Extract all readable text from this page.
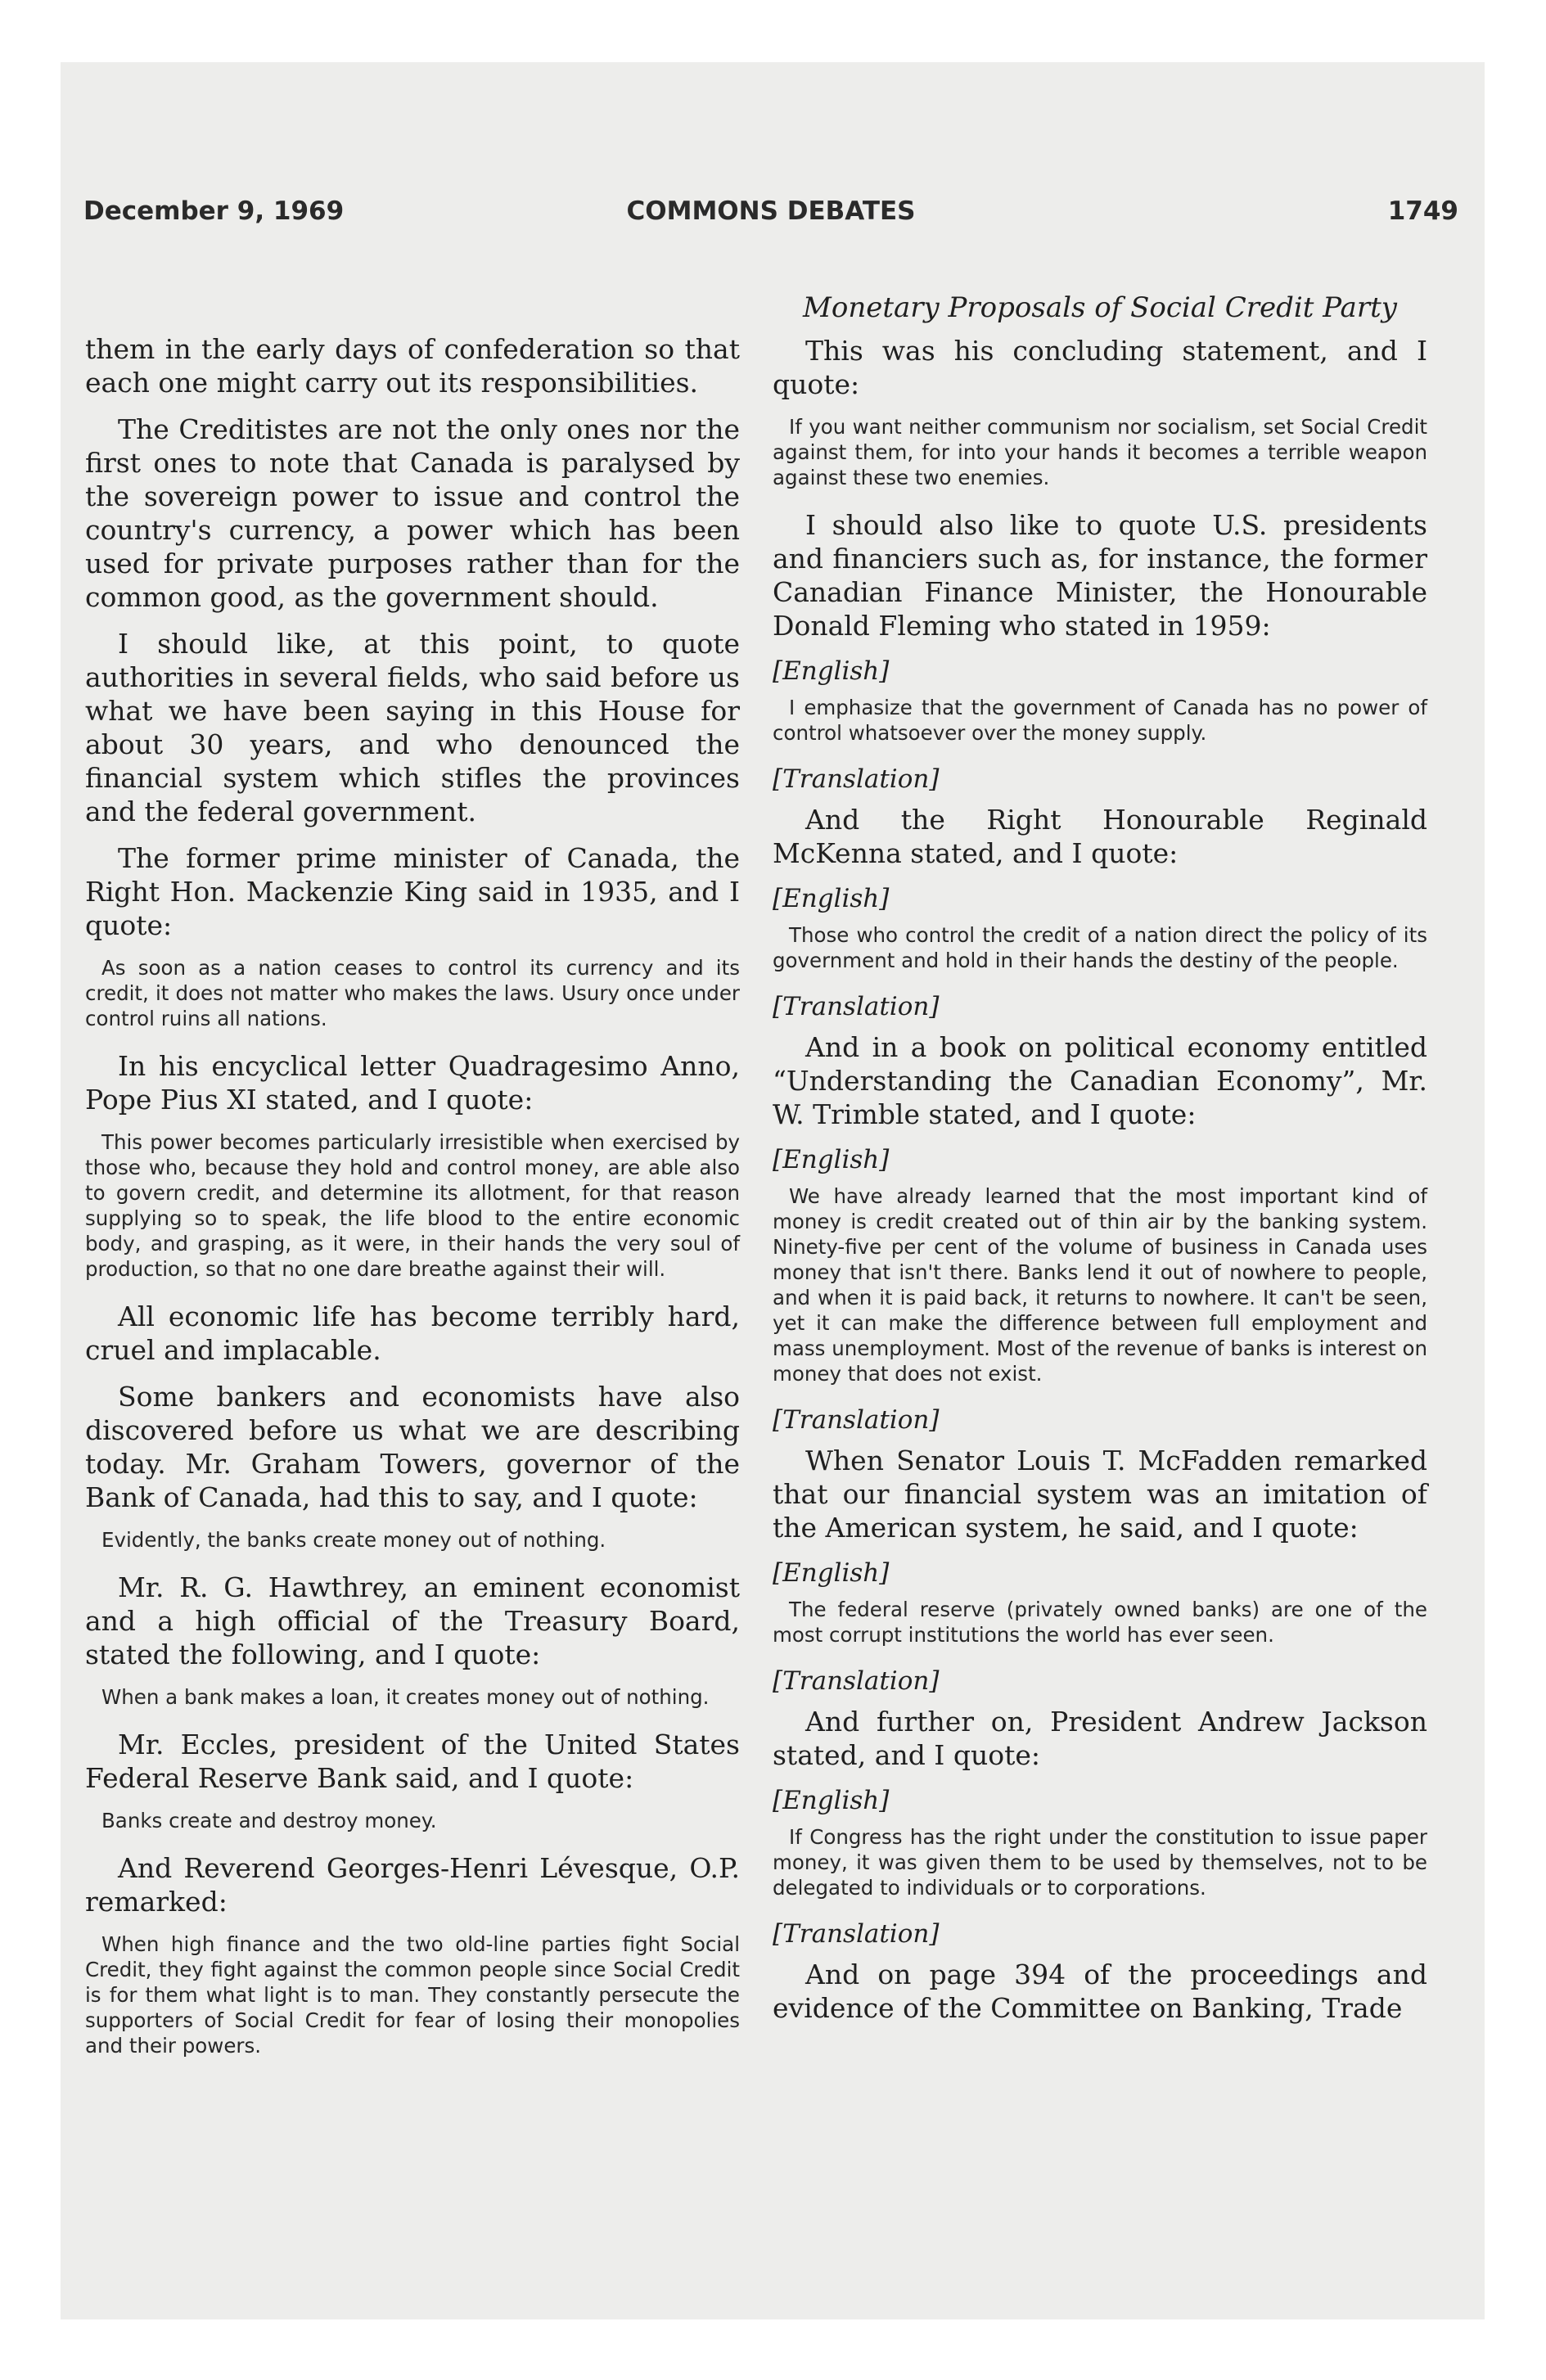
December 9, 1969	COMMONS DEBATES	1749

them in the early days of confederation so that each one might carry out its responsibilities.

The Creditistes are not the only ones nor the first ones to note that Canada is paralysed by the sovereign power to issue and control the country's currency, a power which has been used for private purposes rather than for the common good, as the government should.

I should like, at this point, to quote authorities in several fields, who said before us what we have been saying in this House for about 30 years, and who denounced the financial system which stifles the provinces and the federal government.

The former prime minister of Canada, the Right Hon. Mackenzie King said in 1935, and I quote:

As soon as a nation ceases to control its currency and its credit, it does not matter who makes the laws. Usury once under control ruins all nations.

In his encyclical letter Quadragesimo Anno, Pope Pius XI stated, and I quote:

This power becomes particularly irresistible when exercised by those who, because they hold and control money, are able also to govern credit, and determine its allotment, for that reason supplying so to speak, the life blood to the entire economic body, and grasping, as it were, in their hands the very soul of production, so that no one dare breathe against their will.

All economic life has become terribly hard, cruel and implacable.

Some bankers and economists have also discovered before us what we are describing today. Mr. Graham Towers, governor of the Bank of Canada, had this to say, and I quote:

Evidently, the banks create money out of nothing.

Mr. R. G. Hawthrey, an eminent economist and a high official of the Treasury Board, stated the following, and I quote:

When a bank makes a loan, it creates money out of nothing.

Mr. Eccles, president of the United States Federal Reserve Bank said, and I quote:

Banks create and destroy money.

And Reverend Georges-Henri Lévesque, O.P. remarked:

When high finance and the two old-line parties fight Social Credit, they fight against the common people since Social Credit is for them what light is to man. They constantly persecute the supporters of Social Credit for fear of losing their monopolies and their powers.

Monetary Proposals of Social Credit Party

This was his concluding statement, and I quote:

If you want neither communism nor socialism, set Social Credit against them, for into your hands it becomes a terrible weapon against these two enemies.

I should also like to quote U.S. presidents and financiers such as, for instance, the former Canadian Finance Minister, the Honourable Donald Fleming who stated in 1959:

[English]

I emphasize that the government of Canada has no power of control whatsoever over the money supply.

[Translation]

And the Right Honourable Reginald McKenna stated, and I quote:

[English]

Those who control the credit of a nation direct the policy of its government and hold in their hands the destiny of the people.

[Translation]

And in a book on political economy entitled “Understanding the Canadian Economy”, Mr. W. Trimble stated, and I quote:

[English]

We have already learned that the most important kind of money is credit created out of thin air by the banking system. Ninety-five per cent of the volume of business in Canada uses money that isn't there. Banks lend it out of nowhere to people, and when it is paid back, it returns to nowhere. It can't be seen, yet it can make the difference between full employment and mass unemployment. Most of the revenue of banks is interest on money that does not exist.

[Translation]

When Senator Louis T. McFadden remarked that our financial system was an imitation of the American system, he said, and I quote:

[English]

The federal reserve (privately owned banks) are one of the most corrupt institutions the world has ever seen.

[Translation]

And further on, President Andrew Jackson stated, and I quote:

[English]

If Congress has the right under the constitution to issue paper money, it was given them to be used by themselves, not to be delegated to individuals or to corporations.

[Translation]

And on page 394 of the proceedings and evidence of the Committee on Banking, Trade
